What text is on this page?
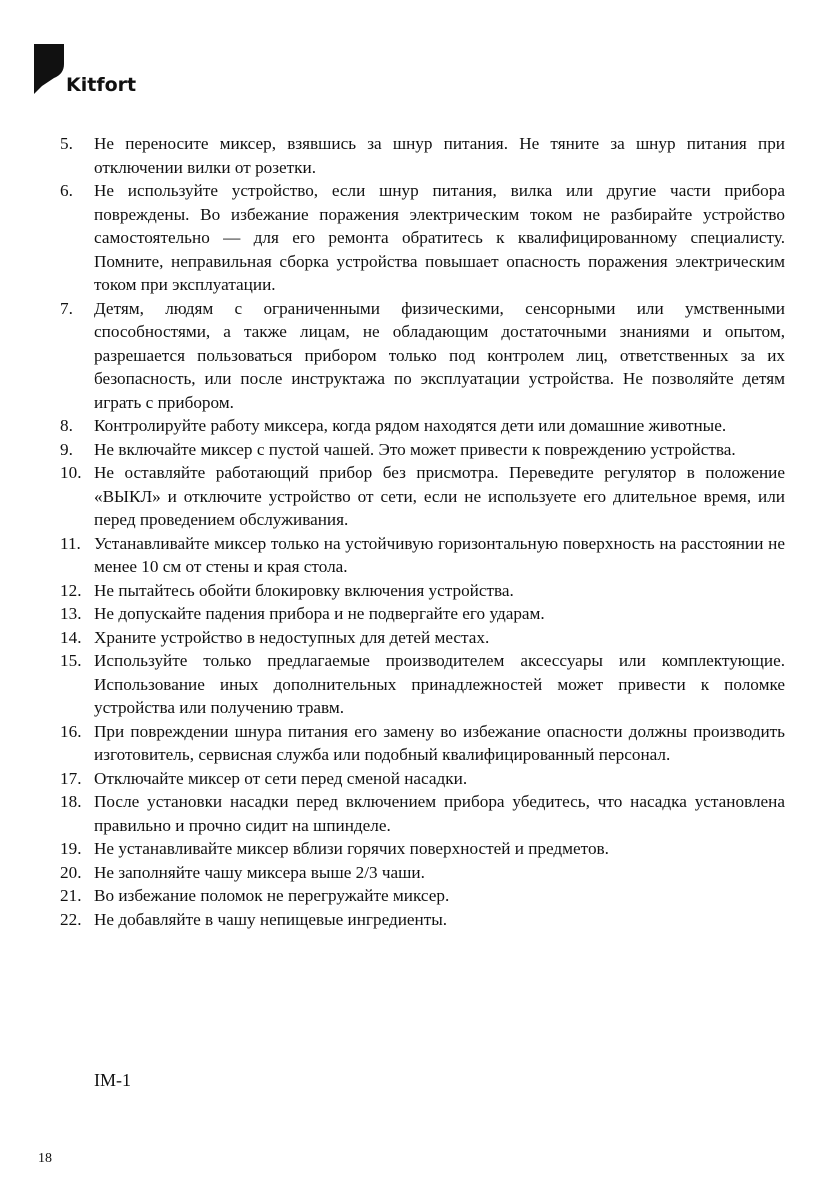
Kitfort
5.	Не переносите миксер, взявшись за шнур питания. Не тяните за шнур питания при отключении вилки от розетки.
6.	Не используйте устройство, если шнур питания, вилка или другие части прибора повреждены. Во избежание поражения электрическим током не разбирайте устройство самостоятельно — для его ремонта обратитесь к квалифицированному специалисту. Помните, неправильная сборка устройства повышает опасность поражения электрическим током при эксплуатации.
7.	Детям, людям с ограниченными физическими, сенсорными или умственными способностями, а также лицам, не обладающим достаточными знаниями и опытом, разрешается пользоваться прибором только под контролем лиц, ответственных за их безопасность, или после инструктажа по эксплуатации устройства. Не позволяйте детям играть с прибором.
8.	Контролируйте работу миксера, когда рядом находятся дети или домашние животные.
9.	Не включайте миксер с пустой чашей. Это может привести к повреждению устройства.
10. Не оставляйте работающий прибор без присмотра. Переведите регулятор в положение «ВЫКЛ» и отключите устройство от сети, если не используете его длительное время, или перед проведением обслуживания.
11. Устанавливайте миксер только на устойчивую горизонтальную поверхность на расстоянии не менее 10 см от стены и края стола.
12. Не пытайтесь обойти блокировку включения устройства.
13. Не допускайте падения прибора и не подвергайте его ударам.
14. Храните устройство в недоступных для детей местах.
15. Используйте только предлагаемые производителем аксессуары или комплектующие. Использование иных дополнительных принадлежностей может привести к поломке устройства или получению травм.
16. При повреждении шнура питания его замену во избежание опасности должны производить изготовитель, сервисная служба или подобный квалифицированный персонал.
17. Отключайте миксер от сети перед сменой насадки.
18. После установки насадки перед включением прибора убедитесь, что насадка установлена правильно и прочно сидит на шпинделе.
19. Не устанавливайте миксер вблизи горячих поверхностей и предметов.
20. Не заполняйте чашу миксера выше 2/3 чаши.
21. Во избежание поломок не перегружайте миксер.
22. Не добавляйте в чашу непищевые ингредиенты.
IM-1
18
